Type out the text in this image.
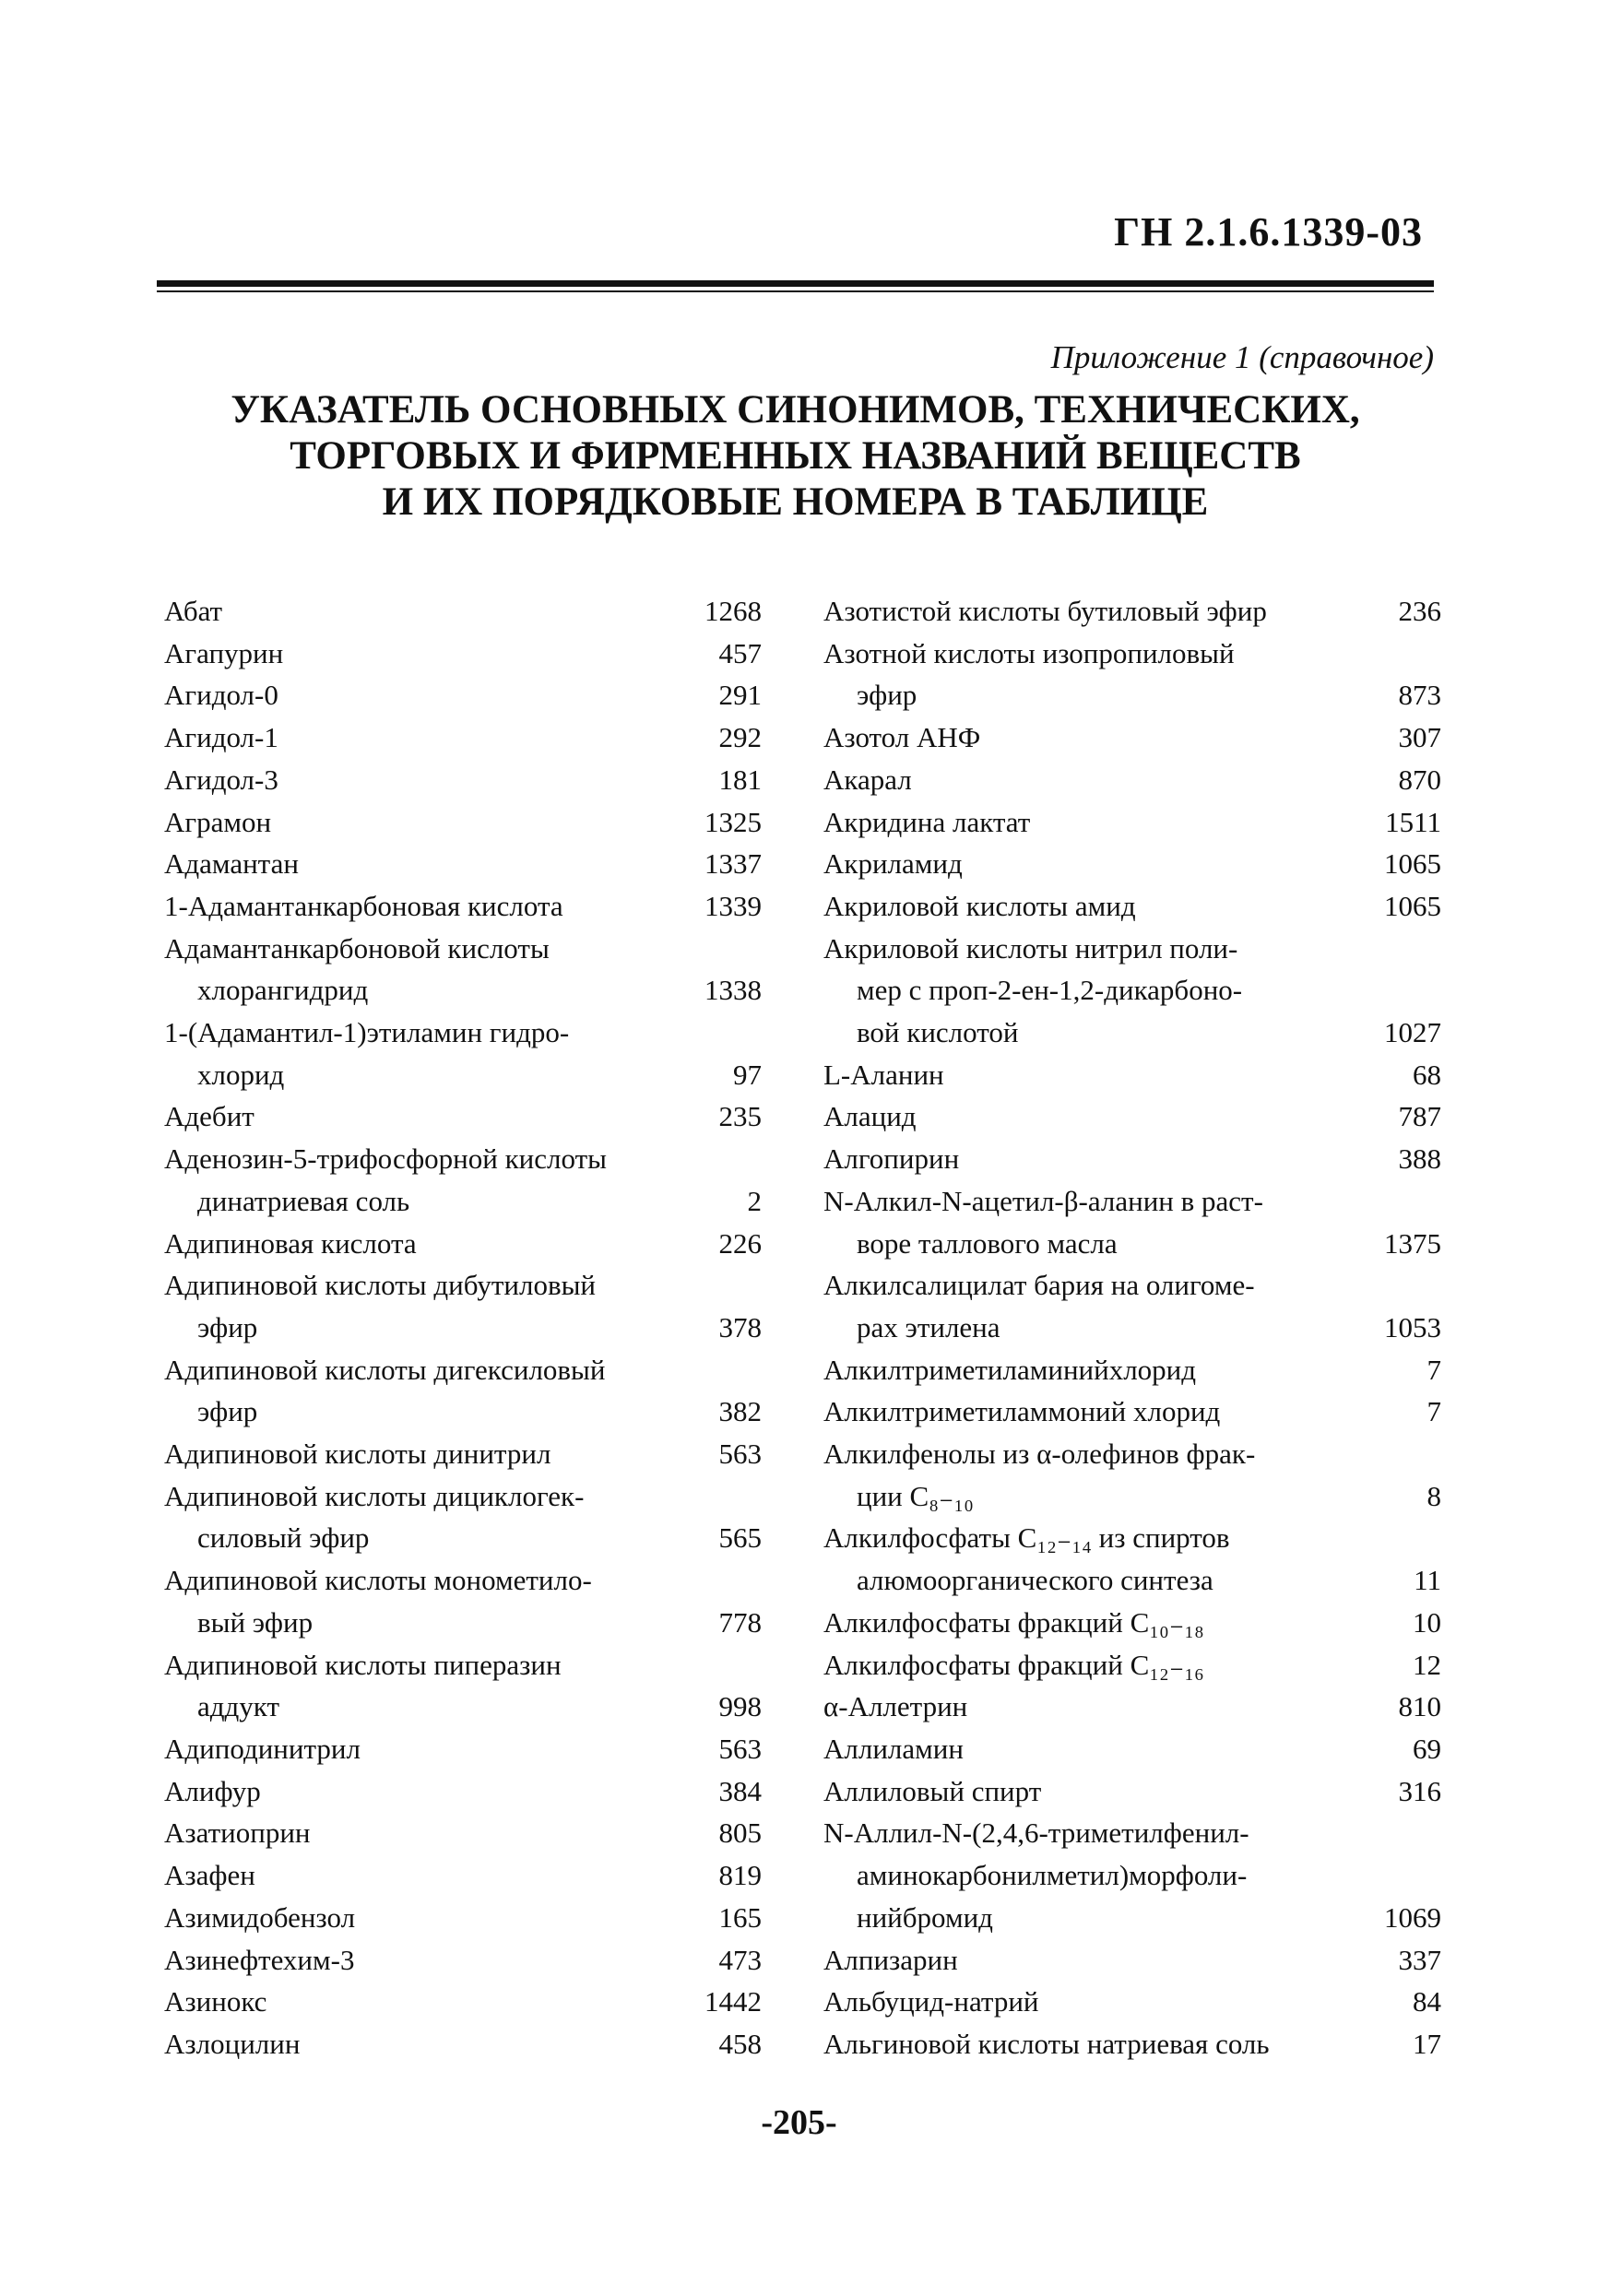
ГН 2.1.6.1339-03
Приложение 1 (справочное)
УКАЗАТЕЛЬ ОСНОВНЫХ СИНОНИМОВ, ТЕХНИЧЕСКИХ,
ТОРГОВЫХ И ФИРМЕННЫХ НАЗВАНИЙ ВЕЩЕСТВ
И ИХ ПОРЯДКОВЫЕ НОМЕРА В ТАБЛИЦЕ
Абат	1268
Агапурин	457
Агидол-0	291
Агидол-1	292
Агидол-3	181
Аграмон	1325
Адамантан	1337
1-Адамантанкарбоновая кислота	1339
Адамантанкарбоновой кислоты
хлорангидрид	1338
1-(Адамантил-1)этиламин гидро-
хлорид	97
Адебит	235
Аденозин-5-трифосфорной кислоты
динатриевая соль	2
Адипиновая кислота	226
Адипиновой кислоты дибутиловый
эфир	378
Адипиновой кислоты дигексиловый
эфир	382
Адипиновой кислоты динитрил	563
Адипиновой кислоты дициклогек-
силовый эфир	565
Адипиновой кислоты монометило-
вый эфир	778
Адипиновой кислоты пиперазин
аддукт	998
Адиподинитрил	563
Алифур	384
Азатиоприн	805
Азафен	819
Азимидобензол	165
Азинефтехим-3	473
Азинокс	1442
Азлоцилин	458
Азотистой кислоты бутиловый эфир	236
Азотной кислоты изопропиловый
эфир	873
Азотол АНФ	307
Акарал	870
Акридина лактат	1511
Акриламид	1065
Акриловой кислоты амид	1065
Акриловой кислоты нитрил поли-
мер с проп-2-ен-1,2-дикарбоно-
вой кислотой	1027
L-Аланин	68
Алацид	787
Алгопирин	388
N-Алкил-N-ацетил-β-аланин в раст-
воре таллового масла	1375
Алкилсалицилат бария на олигоме-
рах этилена	1053
Алкилтриметиламинийхлорид	7
Алкилтриметиламмоний хлорид	7
Алкилфенолы из α-олефинов фрак-
ции C₈₋₁₀	8
Алкилфосфаты C₁₂₋₁₄ из спиртов
алюмоорганического синтеза	11
Алкилфосфаты фракций C₁₀₋₁₈	10
Алкилфосфаты фракций C₁₂₋₁₆	12
α-Аллетрин	810
Аллиламин	69
Аллиловый спирт	316
N-Аллил-N-(2,4,6-триметилфенил-
аминокарбонилметил)морфоли-
нийбромид	1069
Алпизарин	337
Альбуцид-натрий	84
Альгиновой кислоты натриевая соль	17
-205-
